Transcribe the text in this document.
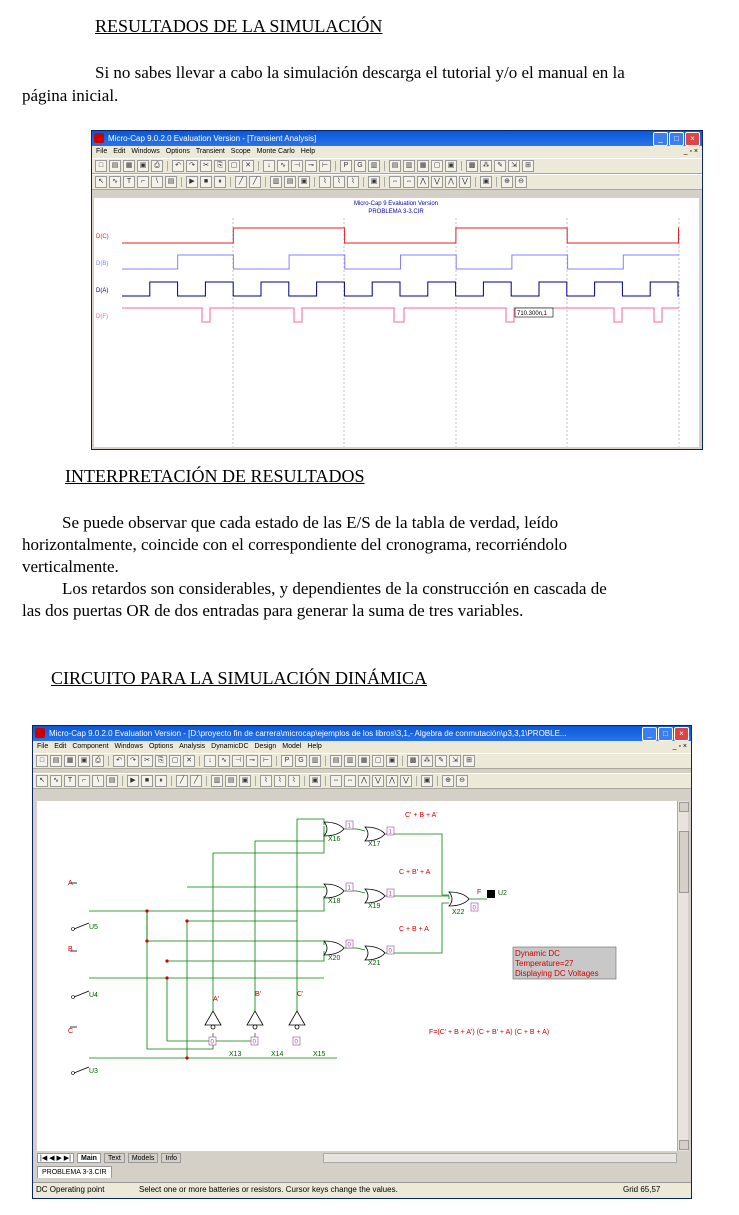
RESULTADOS DE LA SIMULACIÓN
Si no sabes llevar a cabo la simulación descarga el tutorial y/o el manual en la
página inicial.
Micro-Cap 9.0.2.0 Evaluation Version - [Transient Analysis]	_	□	×
File Edit Windows Options Transient Scope Monte Carlo Help	_ ▫ ×
□	▤	▦	▣	⎙	↶	↷	✂	⎘	▢	✕	↓	∿	⊣	⊸	⊢	P	G	▥	▤	▥	▦	▢	▣	▩	⁂	✎	⇲	⊞
↖	∿	T	⌐	\	▤	▶	■	⏸	╱	╱	▥	▤	▣	⌇	⌇	⌇	▣	⇔	⇔	⋀	⋁	⋀	⋁	▣	⊕	⊖
Micro-Cap 9 Evaluation Version
PROBLEMA 3-3.CIR
D(C)
D(B)
D(A)
D(F)	710.300n,1
INTERPRETACIÓN DE RESULTADOS
Se puede observar que cada estado de las E/S de la tabla de verdad, leído
horizontalmente, coincide con el correspondiente del cronograma, recorriéndolo
verticalmente.
Los retardos son considerables, y dependientes de la construcción en cascada de
las dos puertas OR de dos entradas para generar la suma de tres variables.
CIRCUITO PARA LA SIMULACIÓN DINÁMICA
Micro-Cap 9.0.2.0 Evaluation Version - [D:\proyecto fin de carrera\microcap\ejemplos de los libros\3,1,- Algebra de conmutación\p3,3,1\PROBLE...	_	□	×
File Edit Component Windows Options Analysis DynamicDC Design Model Help	_ ▫ ×
□	▤	▦	▣	⎙	↶	↷	✂	⎘	▢	✕	↓	∿	⊣	⊸	⊢	P	G	▥	▤	▥	▦	▢	▣	▩	⁂	✎	⇲	⊞
↖	∿	T	⌐	\	▤	▶	■	⏸	╱	╱	▥	▤	▣	⌇	⌇	⌇	▣	⇔	⇔	⋀	⋁	⋀	⋁	▣	⊕	⊖
C' + B + A'
C + B' + A
C + B + A
X16
X17
X18
X19
X20
X21
X22
X13	X14	X15
A'
B'	C'
A
B
C
U5
U4
U3
F U2
1
1
1
1
0
0
0
0	0	0
Dynamic DC
Temperature=27
Displaying DC Voltages
F=(C' + B + A') (C + B' + A) (C + B + A)
|◀ ◀ ▶ ▶|	Main	Text	Models	Info
PROBLEMA 3-3.CIR
DC Operating point	Select one or more batteries or resistors. Cursor keys change the values.	Grid 65,57
